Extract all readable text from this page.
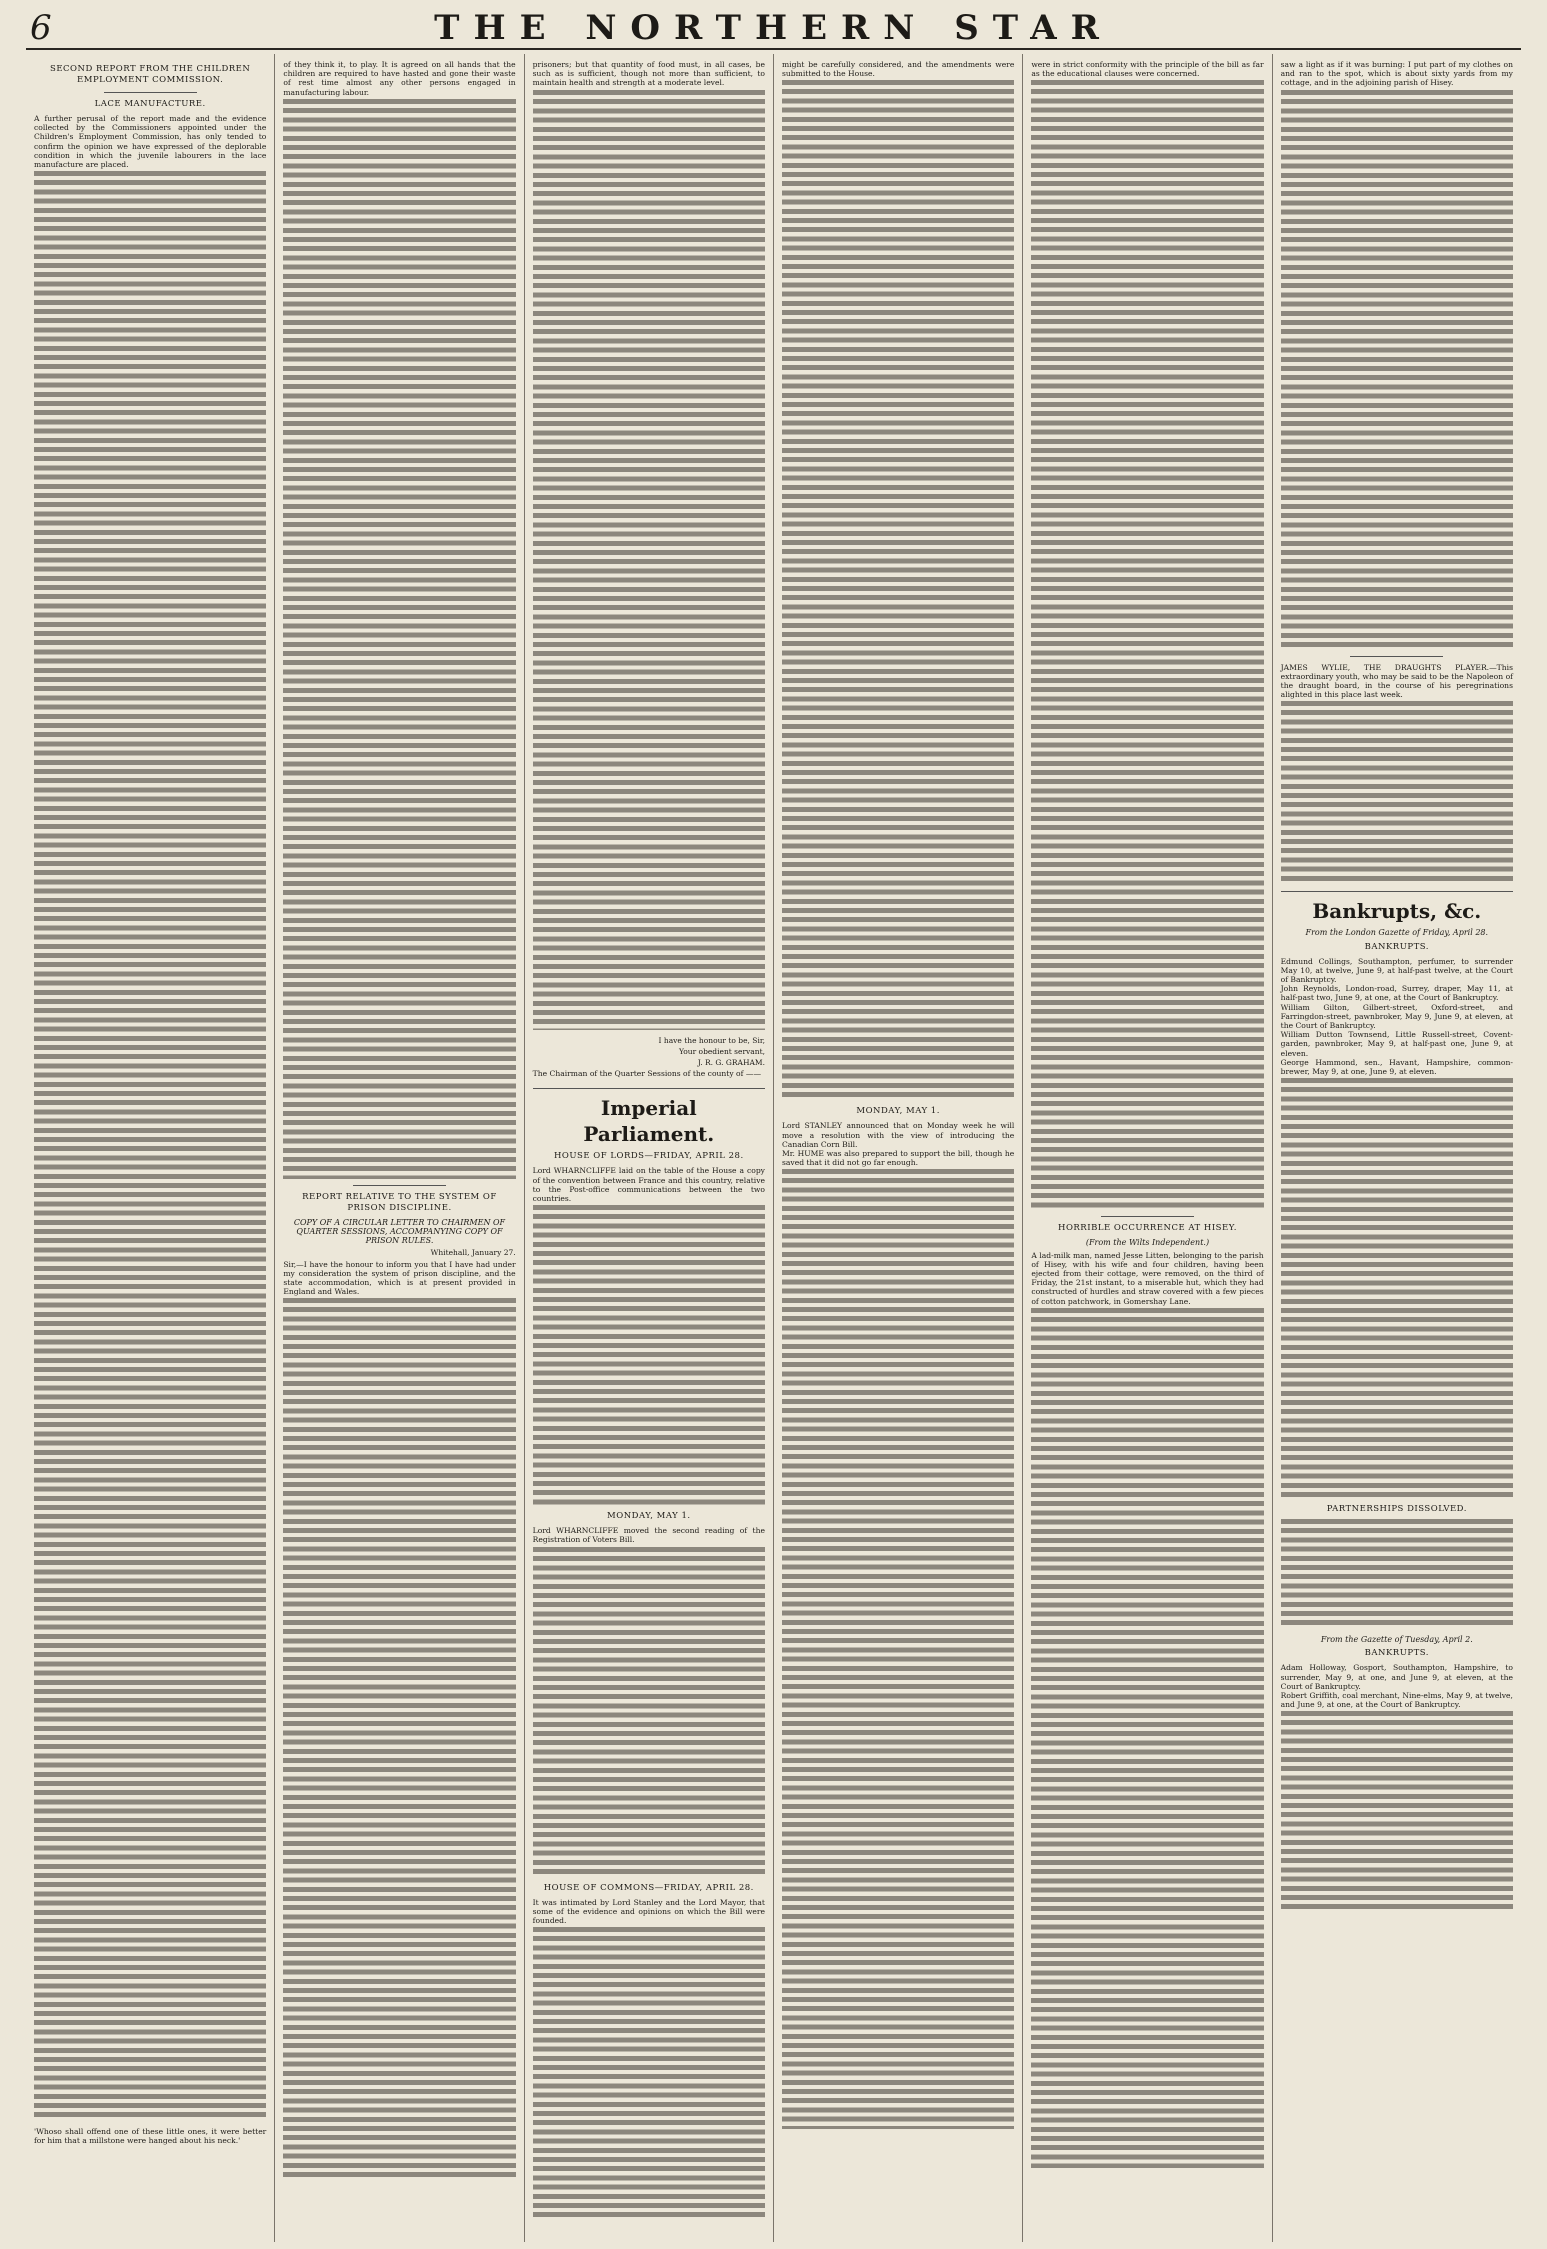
6	THE NORTHERN STAR
SECOND REPORT FROM THE CHILDREN EMPLOYMENT COMMISSION.
LACE MANUFACTURE.

A further perusal of the report made and the evidence collected by the Commissioners appointed under the Children's Employment Commission, has only tended to confirm the opinion we have expressed of the deplorable condition in which the juvenile labourers in the lace manufacture are placed.

'Whoso shall offend one of these little ones, it were better for him that a millstone were hanged about his neck.'

of they think it, to play. It is agreed on all hands that the children are required to have hasted and gone their waste of rest time almost any other persons engaged in manufacturing labour.

REPORT RELATIVE TO THE SYSTEM OF PRISON DISCIPLINE.
COPY OF A CIRCULAR LETTER TO CHAIRMEN OF QUARTER SESSIONS, ACCOMPANYING COPY OF PRISON RULES.
Whitehall, January 27.

Sir,—I have the honour to inform you that I have had under my consideration the system of prison discipline, and the state accommodation, which is at present provided in England and Wales.

prisoners; but that quantity of food must, in all cases, be such as is sufficient, though not more than sufficient, to maintain health and strength at a moderate level.

I have the honour to be, Sir,
Your obedient servant,
J. R. G. GRAHAM.

The Chairman of the Quarter Sessions of the county of ——

Imperial Parliament.
HOUSE OF LORDS—FRIDAY, APRIL 28.

Lord WHARNCLIFFE laid on the table of the House a copy of the convention between France and this country, relative to the Post-office communications between the two countries.

MONDAY, MAY 1.

Lord WHARNCLIFFE moved the second reading of the Registration of Voters Bill.

HOUSE OF COMMONS—FRIDAY, APRIL 28.

It was intimated by Lord Stanley and the Lord Mayor, that some of the evidence and opinions on which the Bill were founded.

might be carefully considered, and the amendments were submitted to the House.

MONDAY, MAY 1.

Lord STANLEY announced that on Monday week he will move a resolution with the view of introducing the Canadian Corn Bill.

Mr. HUME was also prepared to support the bill, though he saved that it did not go far enough.

were in strict conformity with the principle of the bill as far as the educational clauses were concerned.

HORRIBLE OCCURRENCE AT HISEY.
(From the Wilts Independent.)

A lad-milk man, named Jesse Litten, belonging to the parish of Hisey, with his wife and four children, having been ejected from their cottage, were removed, on the third of Friday, the 21st instant, to a miserable hut, which they had constructed of hurdles and straw covered with a few pieces of cotton patchwork, in Gomershay Lane.

saw a light as if it was burning: I put part of my clothes on and ran to the spot, which is about sixty yards from my cottage, and in the adjoining parish of Hisey.

JAMES WYLIE, THE DRAUGHTS PLAYER.—This extraordinary youth, who may be said to be the Napoleon of the draught board, in the course of his peregrinations alighted in this place last week.

Bankrupts, &c.
From the London Gazette of Friday, April 28.
BANKRUPTS.

Edmund Collings, Southampton, perfumer, to surrender May 10, at twelve, June 9, at half-past twelve, at the Court of Bankruptcy.

John Reynolds, London-road, Surrey, draper, May 11, at half-past two, June 9, at one, at the Court of Bankruptcy.

William Gilton, Gilbert-street, Oxford-street, and Farringdon-street, pawnbroker, May 9, June 9, at eleven, at the Court of Bankruptcy.

William Dutton Townsend, Little Russell-street, Covent-garden, pawnbroker, May 9, at half-past one, June 9, at eleven.

George Hammond, sen., Havant, Hampshire, common-brewer, May 9, at one, June 9, at eleven.

PARTNERSHIPS DISSOLVED.
From the Gazette of Tuesday, April 2.
BANKRUPTS.

Adam Holloway, Gosport, Southampton, Hampshire, to surrender, May 9, at one, and June 9, at eleven, at the Court of Bankruptcy.

Robert Griffith, coal merchant, Nine-elms, May 9, at twelve, and June 9, at one, at the Court of Bankruptcy.
